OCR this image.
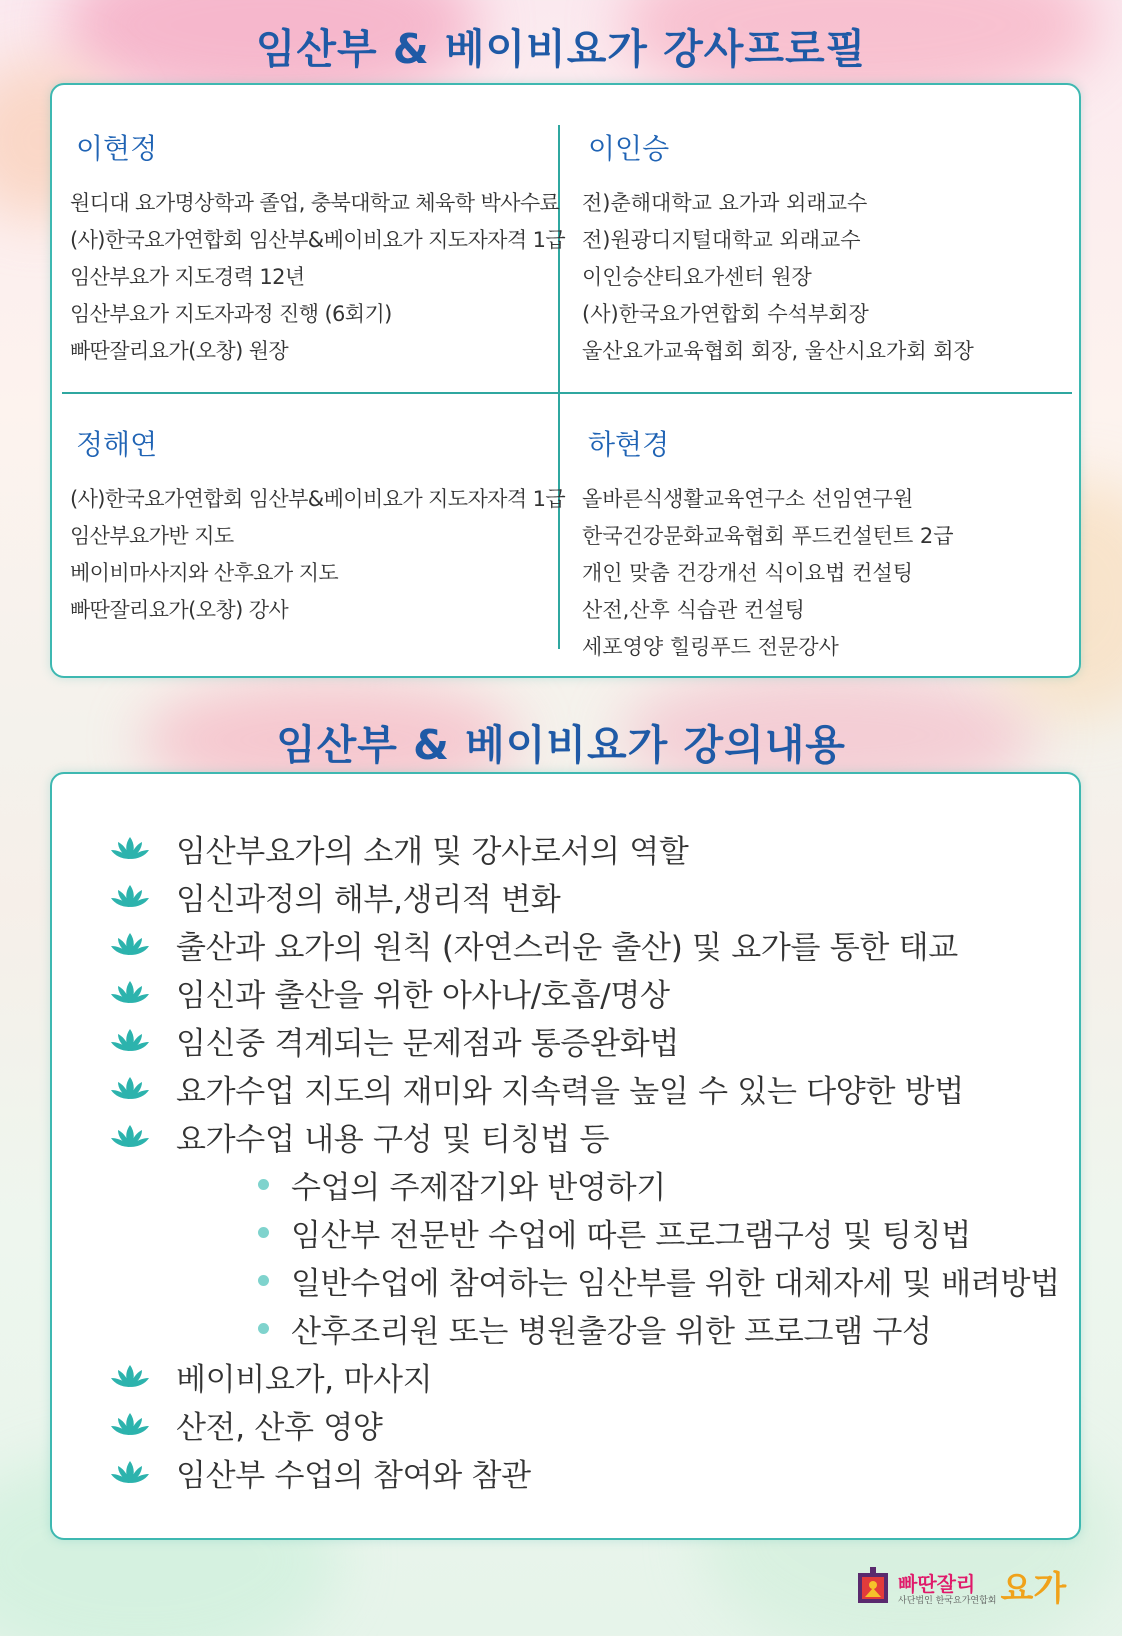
임산부 & 베이비요가 강사프로필
이현정
원디대 요가명상학과 졸업, 충북대학교 체육학 박사수료
(사)한국요가연합회 임산부&베이비요가 지도자자격 1급
임산부요가 지도경력 12년
임산부요가 지도자과정 진행 (6회기)
빠딴잘리요가(오창) 원장
이인승
전)춘해대학교 요가과 외래교수
전)원광디지털대학교 외래교수
이인승샨티요가센터 원장
(사)한국요가연합회 수석부회장
울산요가교육협회 회장, 울산시요가회 회장
정해연
(사)한국요가연합회 임산부&베이비요가 지도자자격 1급
임산부요가반 지도
베이비마사지와 산후요가 지도
빠딴잘리요가(오창) 강사
하현경
올바른식생활교육연구소 선임연구원
한국건강문화교육협회 푸드컨설턴트 2급
개인 맞춤 건강개선 식이요법 컨설팅
산전,산후 식습관 컨설팅
세포영양 힐링푸드 전문강사
임산부 & 베이비요가 강의내용
임산부요가의 소개 및 강사로서의 역할
임신과정의 해부,생리적 변화
출산과 요가의 원칙 (자연스러운 출산) 및 요가를 통한 태교
임신과 출산을 위한 아사나/호흡/명상
임신중 격계되는 문제점과 통증완화법
요가수업 지도의 재미와 지속력을 높일 수 있는 다양한 방법
요가수업 내용 구성 및 티칭법 등
수업의 주제잡기와 반영하기
임산부 전문반 수업에 따른 프로그램구성 및 팅칭법
일반수업에 참여하는 임산부를 위한 대체자세 및 배려방법
산후조리원 또는 병원출강을 위한 프로그램 구성
베이비요가, 마사지
산전, 산후 영양
임산부 수업의 참여와 참관
빠딴잘리
사단법인 한국요가연합회 요가
